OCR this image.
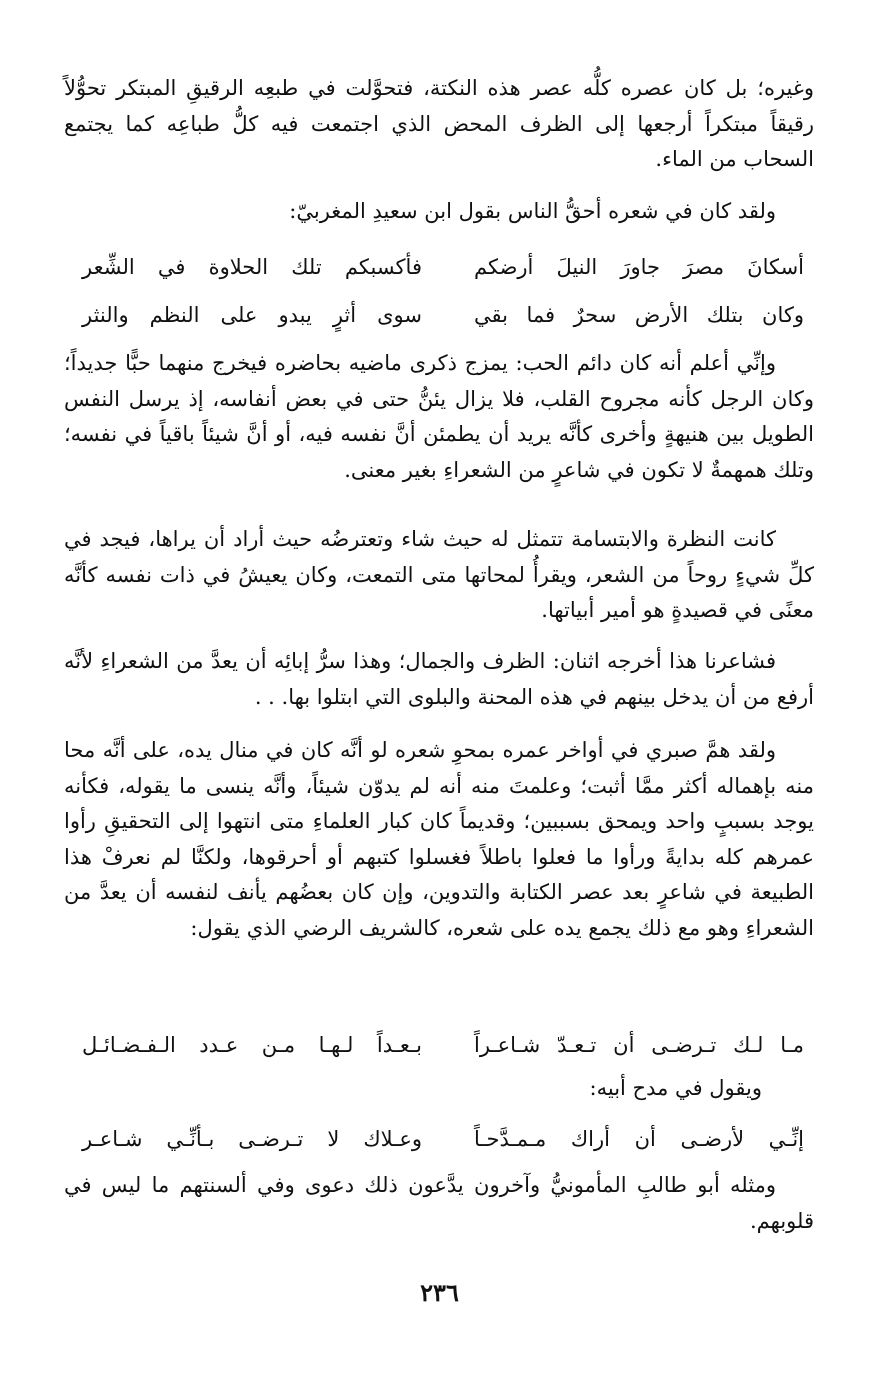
وغيره؛ بل كان عصره كلُّه عصر هذه النكتة، فتحوَّلت في طبعِه الرقيقِ المبتكر تحوُّلاً رقيقاً مبتكراً أرجعها إلى الظرف المحض الذي اجتمعت فيه كلُّ طباعِه كما يجتمع السحاب من الماء.

ولقد كان في شعره أحقُّ الناس بقول ابن سعيدِ المغربيّ:

أسكانَ مصرَ جاورَ النيلَ أرضكم
فأكسبكم تلك الحلاوة في الشِّعر
وكان بتلك الأرض سحرٌ فما بقي
سوى أثرٍ يبدو على النظم والنثر

وإنِّي أعلم أنه كان دائم الحب: يمزج ذكرى ماضيه بحاضره فيخرج منهما حبًّا جديداً؛ وكان الرجل كأنه مجروح القلب، فلا يزال يئنُّ حتى في بعض أنفاسه، إذ يرسل النفس الطويل بين هنيهةٍ وأخرى كأنَّه يريد أن يطمئن أنَّ نفسه فيه، أو أنَّ شيئاً باقياً في نفسه؛ وتلك همهمةٌ لا تكون في شاعرٍ من الشعراءِ بغير معنى.

كانت النظرة والابتسامة تتمثل له حيث شاء وتعترضُه حيث أراد أن يراها، فيجد في كلِّ شيءٍ روحاً من الشعر، ويقرأُ لمحاتها متى التمعت، وكان يعيشُ في ذات نفسه كأنَّه معنًى في قصيدةٍ هو أمير أبياتها.

فشاعرنا هذا أخرجه اثنان: الظرف والجمال؛ وهذا سرُّ إبائِه أن يعدَّ من الشعراءِ لأنَّه أرفع من أن يدخل بينهم في هذه المحنة والبلوى التي ابتلوا بها. . .

ولقد همَّ صبري في أواخر عمره بمحوِ شعره لو أنَّه كان في منال يده، على أنَّه محا منه بإهماله أكثر ممَّا أثبت؛ وعلمتَ منه أنه لم يدوّن شيئاً، وأنَّه ينسى ما يقوله، فكأنه يوجد بسببٍ واحد ويمحق بسببين؛ وقديماً كان كبار العلماءِ متى انتهوا إلى التحقيقِ رأوا عمرهم كله بدايةً ورأوا ما فعلوا باطلاً فغسلوا كتبهم أو أحرقوها، ولكنَّا لم نعرفْ هذا الطبيعة في شاعرٍ بعد عصر الكتابة والتدوين، وإن كان بعضُهم يأنف لنفسه أن يعدَّ من الشعراءِ وهو مع ذلك يجمع يده على شعره، كالشريف الرضي الذي يقول:

مـا لـك تـرضـى أن تـعـدّ شـاعـراً
بـعـداً لـهـا مـن عـدد الـفـضـائـل
ويقول في مدح أبيه:
إنِّـي لأرضـى أن أراك مـمـدَّحـاً
وعـلاك لا تـرضـى بـأنِّـي شـاعـر

ومثله أبو طالبِ المأمونيُّ وآخرون يدَّعون ذلك دعوى وفي ألسنتهم ما ليس في قلوبهم.

٢٣٦
